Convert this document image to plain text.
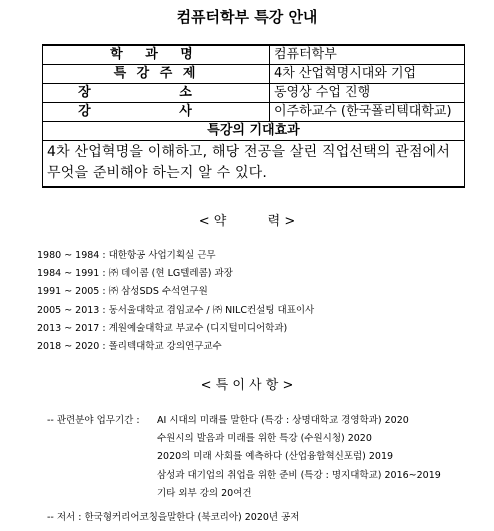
컴퓨터학부 특강 안내
학 과 명	컴퓨터학부
특 강 주 제	4차 산업혁명시대와 기업
장 소	동영상 수업 진행
강 사	이주하교수 (한국폴리텍대학교)
특강의 기대효과	
4차 산업혁명을 이해하고, 해당 전공을 살린 직업선택의 관점에서 무엇을 준비해야 하는지 알 수 있다.	
< 약          력 >
1980 ~ 1984 : 대한항공 사업기획실 근무
1984 ~ 1991 : ㈜ 데이콤 (현 LG텔레콤) 과장
1991 ~ 2005 : ㈜ 삼성SDS 수석연구원
2005 ~ 2013 : 동서울대학교 겸임교수 / ㈜ NILC컨설팅 대표이사
2013 ~ 2017 : 계원예술대학교 부교수 (디지털미디어학과)
2018 ~ 2020 : 폴리텍대학교 강의연구교수
< 특 이 사 항 >
-- 관련분야 업무기간 :AI 시대의 미래를 말한다 (특강 : 상명대학교 경영학과) 2020
수원시의 발음과 미래를 위한 특강 (수원시청) 2020
2020의 미래 사회를 예측하다 (산업융합혁신포럼) 2019
삼성과 대기업의 취업을 위한 준비 (특강 : 명지대학교) 2016~2019
기타 외부 강의 20여건
-- 저서 : 한국형커리어코칭을말한다 (북코리아) 2020년 공저
